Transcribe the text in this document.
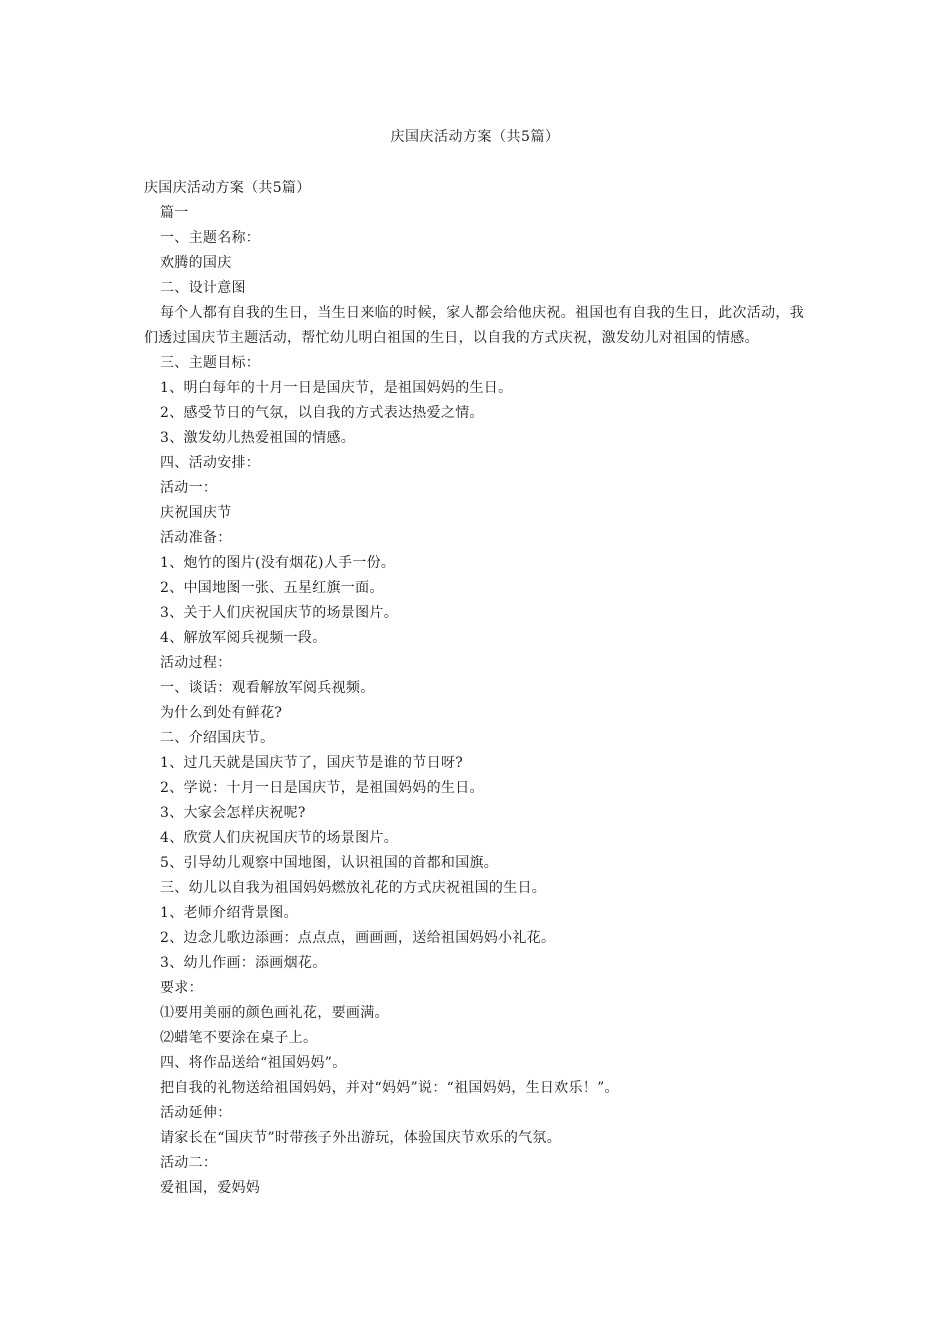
庆国庆活动方案（共5篇）
庆国庆活动方案（共5篇）
篇一
一、主题名称：
欢腾的国庆
二、设计意图
每个人都有自我的生日，当生日来临的时候，家人都会给他庆祝。祖国也有自我的生日，此次活动，我们透过国庆节主题活动，帮忙幼儿明白祖国的生日，以自我的方式庆祝，激发幼儿对祖国的情感。
三、主题目标：
1、明白每年的十月一日是国庆节，是祖国妈妈的生日。
2、感受节日的气氛，以自我的方式表达热爱之情。
3、激发幼儿热爱祖国的情感。
四、活动安排：
活动一：
庆祝国庆节
活动准备：
1、炮竹的图片(没有烟花)人手一份。
2、中国地图一张、五星红旗一面。
3、关于人们庆祝国庆节的场景图片。
4、解放军阅兵视频一段。
活动过程：
一、谈话：观看解放军阅兵视频。
为什么到处有鲜花?
二、介绍国庆节。
1、过几天就是国庆节了，国庆节是谁的节日呀?
2、学说：十月一日是国庆节，是祖国妈妈的生日。
3、大家会怎样庆祝呢?
4、欣赏人们庆祝国庆节的场景图片。
5、引导幼儿观察中国地图，认识祖国的首都和国旗。
三、幼儿以自我为祖国妈妈燃放礼花的方式庆祝祖国的生日。
1、老师介绍背景图。
2、边念儿歌边添画：点点点，画画画，送给祖国妈妈小礼花。
3、幼儿作画：添画烟花。
要求：
⑴要用美丽的颜色画礼花，要画满。
⑵蜡笔不要涂在桌子上。
四、将作品送给“祖国妈妈”。
把自我的礼物送给祖国妈妈，并对“妈妈”说：“祖国妈妈，生日欢乐！”。
活动延伸：
请家长在“国庆节”时带孩子外出游玩，体验国庆节欢乐的气氛。
活动二：
爱祖国，爱妈妈
